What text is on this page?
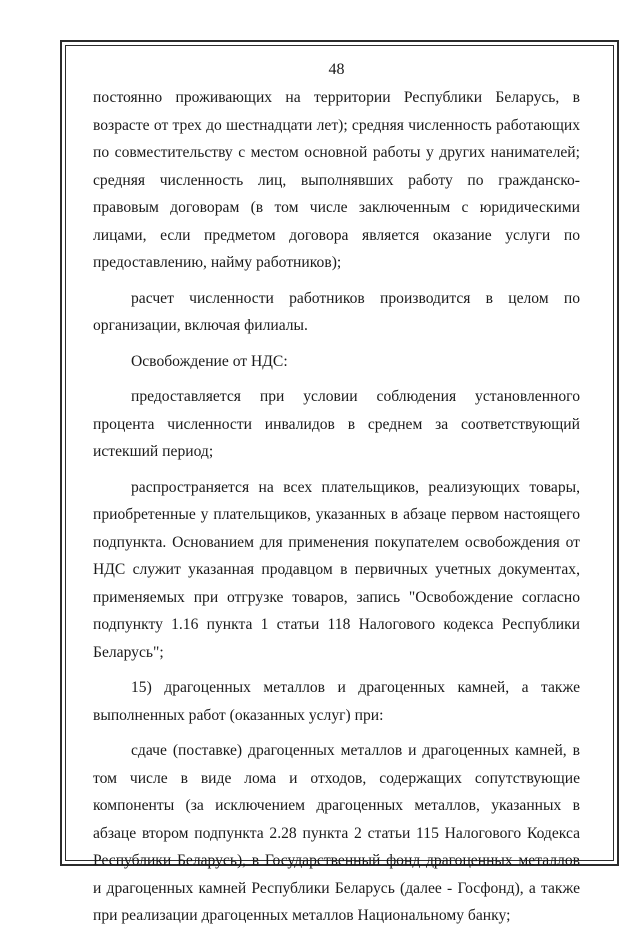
48

постоянно проживающих на территории Республики Беларусь, в возрасте от трех до шестнадцати лет); средняя численность работающих по совместительству с местом основной работы у других нанимателей; средняя численность лиц, выполнявших работу по гражданско-правовым договорам (в том числе заключенным с юридическими лицами, если предметом договора является оказание услуги по предоставлению, найму работников);

расчет численности работников производится в целом по организации, включая филиалы.

Освобождение от НДС:

предоставляется при условии соблюдения установленного процента численности инвалидов в среднем за соответствующий истекший период;

распространяется на всех плательщиков, реализующих товары, приобретенные у плательщиков, указанных в абзаце первом настоящего подпункта. Основанием для применения покупателем освобождения от НДС служит указанная продавцом в первичных учетных документах, применяемых при отгрузке товаров, запись "Освобождение согласно подпункту 1.16 пункта 1 статьи 118 Налогового кодекса Республики Беларусь";

15) драгоценных металлов и драгоценных камней, а также выполненных работ (оказанных услуг) при:

сдаче (поставке) драгоценных металлов и драгоценных камней, в том числе в виде лома и отходов, содержащих сопутствующие компоненты (за исключением драгоценных металлов, указанных в абзаце втором подпункта 2.28 пункта 2 статьи 115 Налогового Кодекса Республики Беларусь), в Государственный фонд драгоценных металлов и драгоценных камней Республики Беларусь (далее - Госфонд), а также при реализации драгоценных металлов Национальному банку;
